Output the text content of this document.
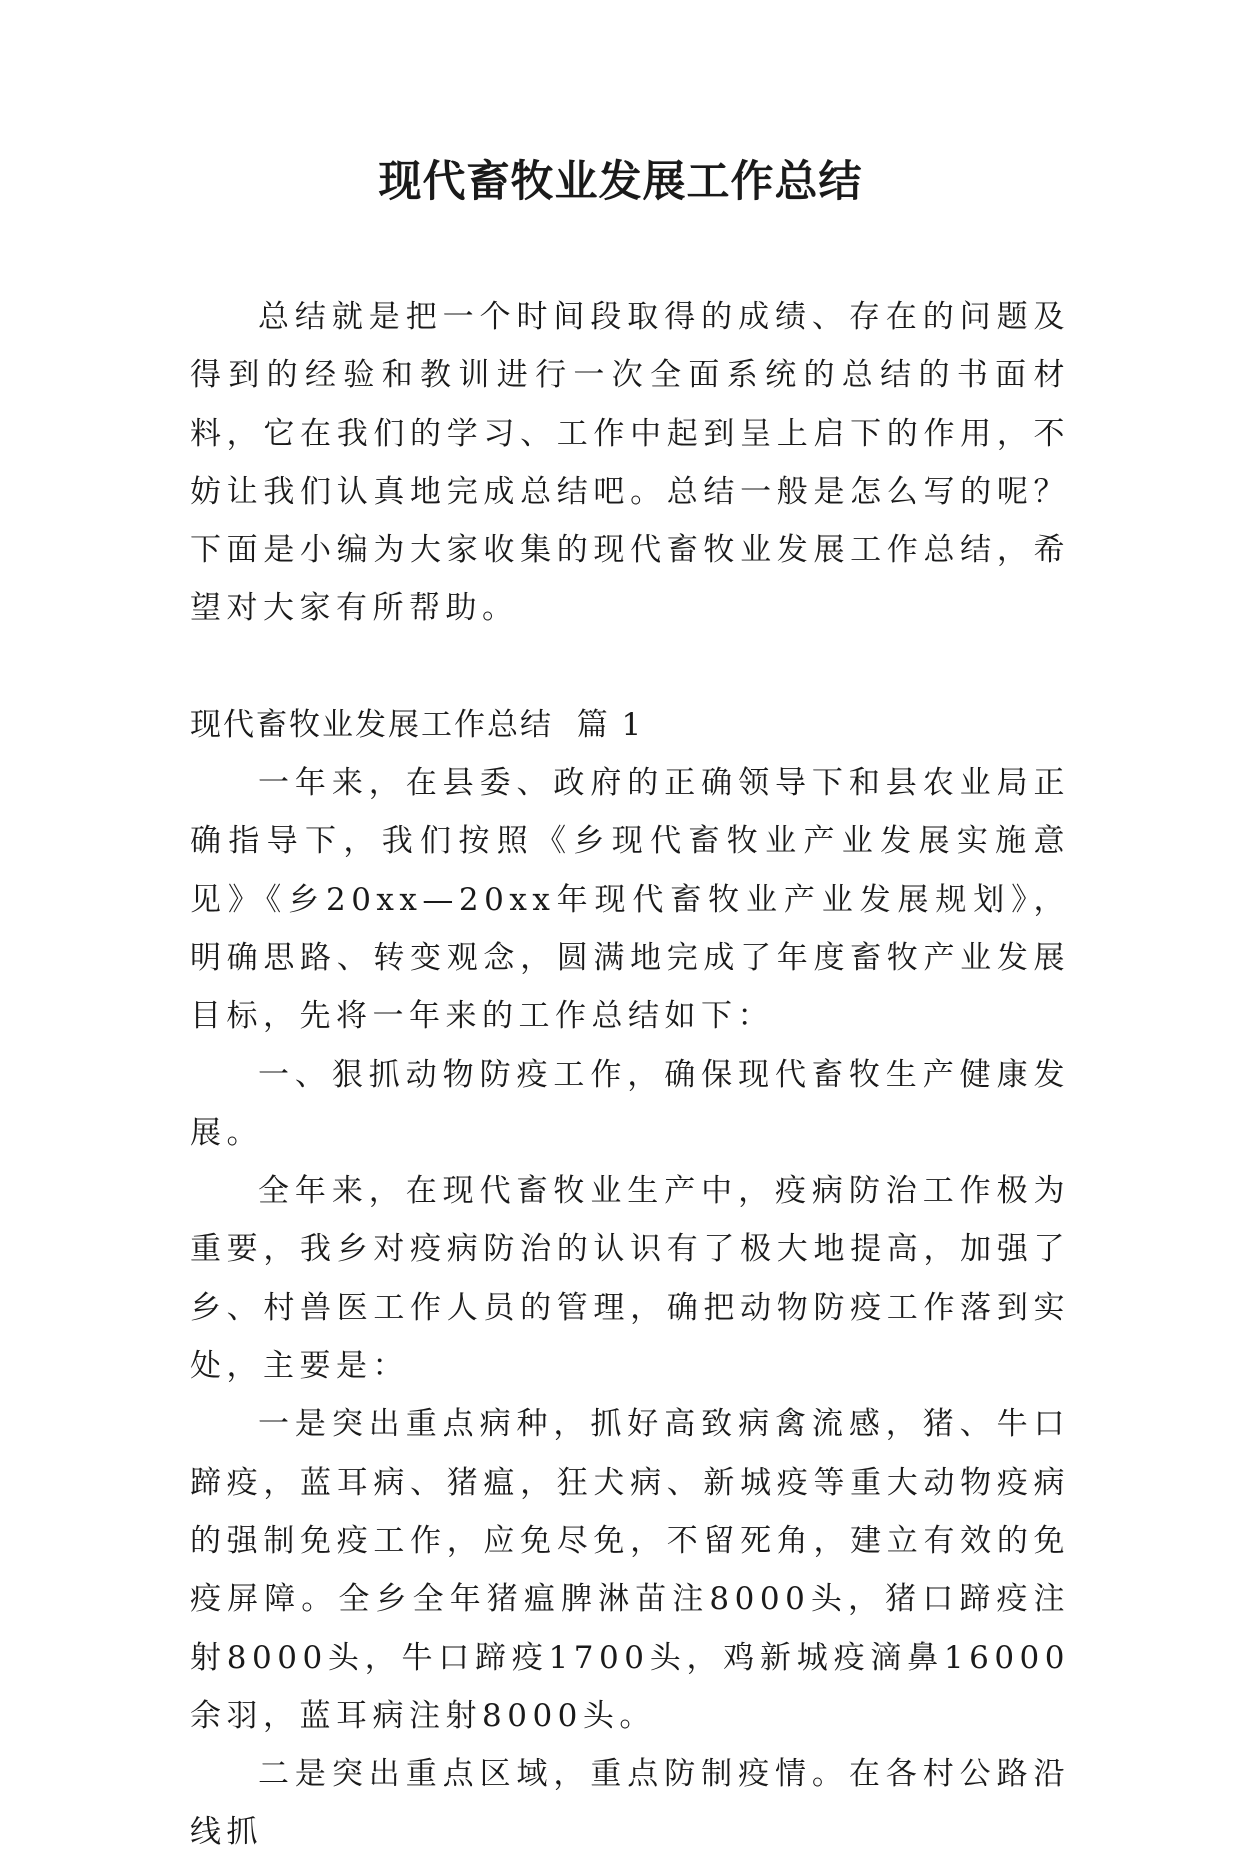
现代畜牧业发展工作总结

总结就是把一个时间段取得的成绩、存在的问题及得到的经验和教训进行一次全面系统的总结的书面材料，它在我们的学习、工作中起到呈上启下的作用，不妨让我们认真地完成总结吧。总结一般是怎么写的呢？下面是小编为大家收集的现代畜牧业发展工作总结，希望对大家有所帮助。

现代畜牧业发展工作总结  篇 1

一年来，在县委、政府的正确领导下和县农业局正确指导下，我们按照《乡现代畜牧业产业发展实施意见》《乡20xx—20xx年现代畜牧业产业发展规划》，明确思路、转变观念，圆满地完成了年度畜牧产业发展目标，先将一年来的工作总结如下：

一、狠抓动物防疫工作，确保现代畜牧生产健康发展。

全年来，在现代畜牧业生产中，疫病防治工作极为重要，我乡对疫病防治的认识有了极大地提高，加强了乡、村兽医工作人员的管理，确把动物防疫工作落到实处，主要是：

一是突出重点病种，抓好高致病禽流感，猪、牛口蹄疫，蓝耳病、猪瘟，狂犬病、新城疫等重大动物疫病的强制免疫工作，应免尽免，不留死角，建立有效的免疫屏障。全乡全年猪瘟脾淋苗注8000头，猪口蹄疫注射8000头，牛口蹄疫1700头，鸡新城疫滴鼻16000余羽，蓝耳病注射8000头。

二是突出重点区域，重点防制疫情。在各村公路沿线抓
